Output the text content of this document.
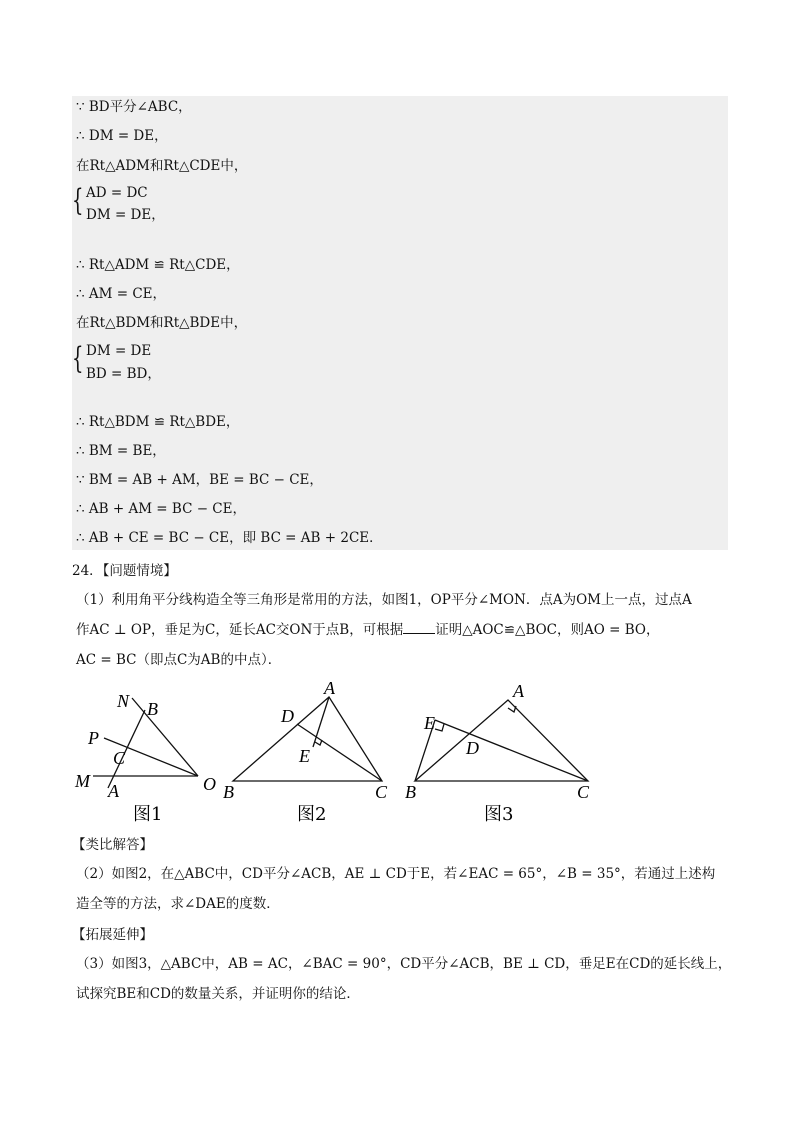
∵ BD平分∠ABC，
∴ DM = DE，
在Rt△ADM和Rt△CDE中，
{ AD = DC
DM = DE，
∴ Rt△ADM ≌ Rt△CDE，
∴ AM = CE，
在Rt△BDM和Rt△BDE中，
{ DM = DE
BD = BD，
∴ Rt△BDM ≌ Rt△BDE，
∴ BM = BE，
∵ BM = AB + AM，BE = BC − CE，
∴ AB + AM = BC − CE，
∴ AB + CE = BC − CE，即 BC = AB + 2CE．
24．【问题情境】
（1）利用角平分线构造全等三角形是常用的方法，如图1，OP平分∠MON．点A为OM上一点，过点A
作AC ⊥ OP，垂足为C，延长AC交ON于点B，可根据 证明△AOC≌△BOC，则AO = BO，
AC = BC（即点C为AB的中点）．
N B
P
C
M A	O
图1
A
D
E
B	C
图2
A
E
D
B	C
图3
【类比解答】
（2）如图2，在△ABC中，CD平分∠ACB，AE ⊥ CD于E，若∠EAC = 65°，∠B = 35°，若通过上述构
造全等的方法，求∠DAE的度数．
【拓展延伸】
（3）如图3，△ABC中，AB = AC，∠BAC = 90°，CD平分∠ACB，BE ⊥ CD，垂足E在CD的延长线上，
试探究BE和CD的数量关系，并证明你的结论．
